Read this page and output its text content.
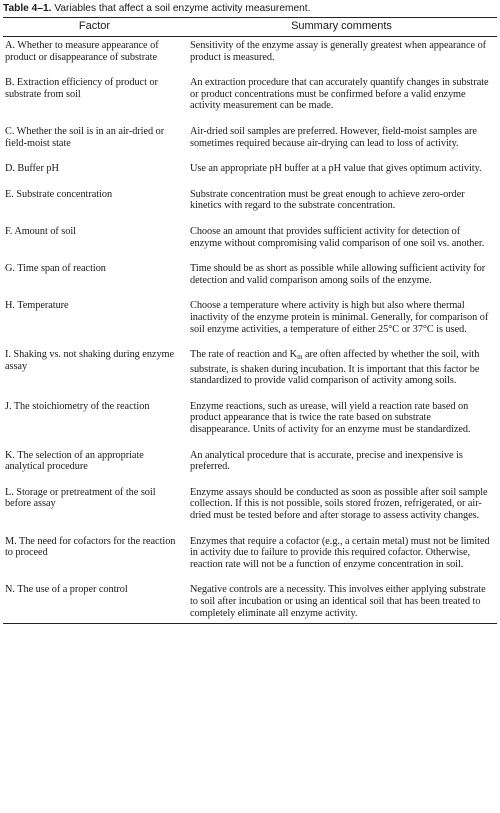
Table 4–1. Variables that affect a soil enzyme activity measurement.
Factor	Summary comments
A. Whether to measure appearance of product or disappearance of substrate	Sensitivity of the enzyme assay is generally greatest when appearance of product is measured.
B. Extraction efficiency of product or substrate from soil	An extraction procedure that can accurately quantify changes in substrate or product concentrations must be confirmed before a valid enzyme activity measurement can be made.
C. Whether the soil is in an air-dried or field-moist state	Air-dried soil samples are preferred. However, field-moist samples are sometimes required because air-drying can lead to loss of activity.
D. Buffer pH	Use an appropriate pH buffer at a pH value that gives optimum activity.
E. Substrate concentration	Substrate concentration must be great enough to achieve zero-order kinetics with regard to the substrate concentration.
F. Amount of soil	Choose an amount that provides sufficient activity for detection of enzyme without compromising valid comparison of one soil vs. another.
G. Time span of reaction	Time should be as short as possible while allowing sufficient activity for detection and valid comparison among soils of the enzyme.
H. Temperature	Choose a temperature where activity is high but also where thermal inactivity of the enzyme protein is minimal. Generally, for comparison of soil enzyme activities, a temperature of either 25°C or 37°C is used.
I. Shaking vs. not shaking during enzyme assay	The rate of reaction and $K_m$ are often affected by whether the soil, with substrate, is shaken during incubation. It is important that this factor be standardized to provide valid comparison of activity among soils.
J. The stoichiometry of the reaction	Enzyme reactions, such as urease, will yield a reaction rate based on product appearance that is twice the rate based on substrate disappearance. Units of activity for an enzyme must be standardized.
K. The selection of an appropriate analytical procedure	An analytical procedure that is accurate, precise and inexpensive is preferred.
L. Storage or pretreatment of the soil before assay	Enzyme assays should be conducted as soon as possible after soil sample collection. If this is not possible, soils stored frozen, refrigerated, or air-dried must be tested before and after storage to assess activity changes.
M. The need for cofactors for the reaction to proceed	Enzymes that require a cofactor (e.g., a certain metal) must not be limited in activity due to failure to provide this required cofactor. Otherwise, reaction rate will not be a function of enzyme concentration in soil.
N. The use of a proper control	Negative controls are a necessity. This involves either applying substrate to soil after incubation or using an identical soil that has been treated to completely eliminate all enzyme activity.
